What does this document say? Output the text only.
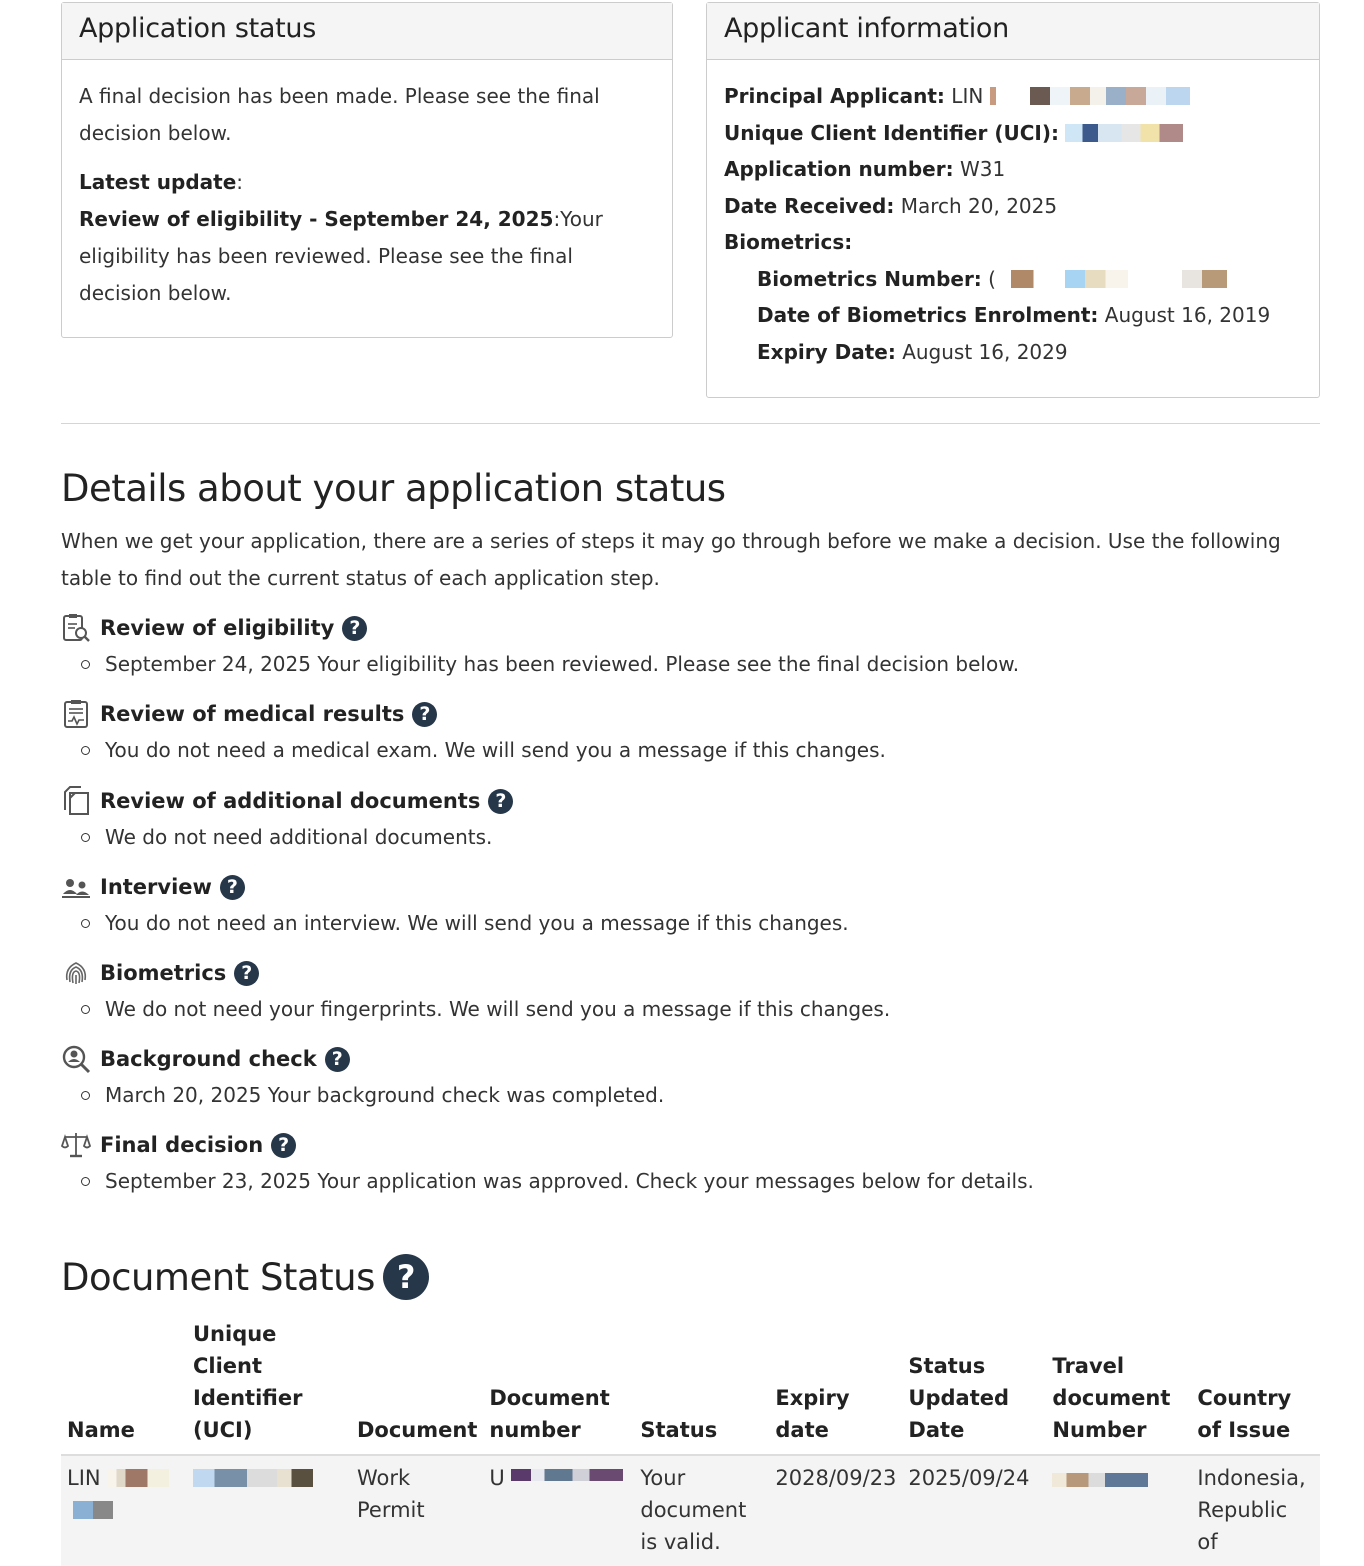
Application status
A final decision has been made. Please see the final decision below.
Latest update:
Review of eligibility - September 24, 2025:Your eligibility has been reviewed. Please see the final decision below.
Applicant information
Principal Applicant: LIN
Unique Client Identifier (UCI):
Application number: W31
Date Received: March 20, 2025
Biometrics:
Biometrics Number: (
Date of Biometrics Enrolment: August 16, 2019
Expiry Date: August 16, 2029
Details about your application status

When we get your application, there are a series of steps it may go through before we make a decision. Use the following table to find out the current status of each application step.

Review of eligibility ?
September 24, 2025 Your eligibility has been reviewed. Please see the final decision below.
Review of medical results ?
You do not need a medical exam. We will send you a message if this changes.
Review of additional documents ?
We do not need additional documents.
Interview ?
You do not need an interview. We will send you a message if this changes.
Biometrics ?
We do not need your fingerprints. We will send you a message if this changes.
Background check ?
March 20, 2025 Your background check was completed.
Final decision ?
September 23, 2025 Your application was approved. Check your messages below for details.
Document Status ?
Name	Unique Client Identifier (UCI)	Document	Document number	Status	Expiry date	Status Updated Date	Travel document Number	Country of Issue
LIN		Work Permit	U	Your document is valid.	2028/09/23	2025/09/24		Indonesia, Republic of
